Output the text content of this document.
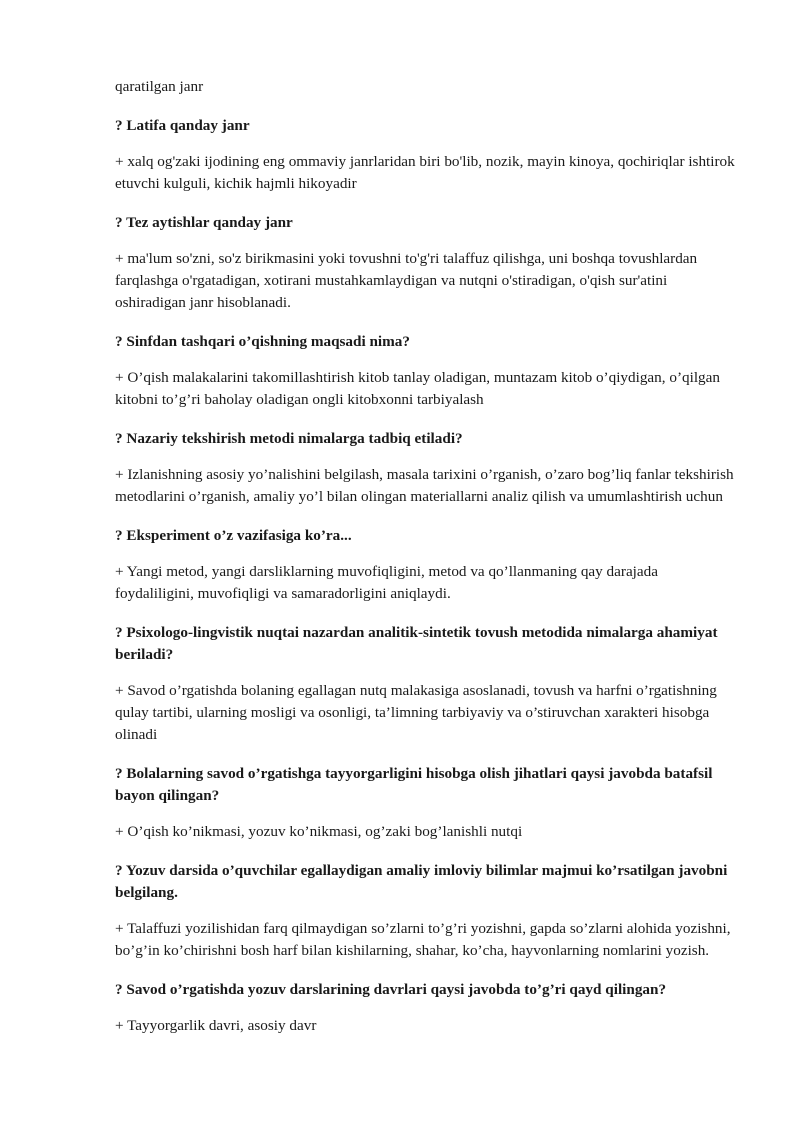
qaratilgan janr

? Latifa qanday janr

+ xalq og'zaki ijodining eng ommaviy janrlaridan biri bo'lib, nozik, mayin kinoya, qochiriqlar ishtirok etuvchi kulguli, kichik hajmli hikoyadir

? Tez aytishlar qanday janr

+ ma'lum so'zni, so'z birikmasini yoki tovushni to'g'ri talaffuz qilishga, uni boshqa tovushlardan farqlashga o'rgatadigan, xotirani mustahkamlaydigan va nutqni o'stiradigan, o'qish sur'atini oshiradigan janr hisoblanadi.

? Sinfdan tashqari o’qishning maqsadi nima?

+ O’qish malakalarini takomillashtirish kitob tanlay oladigan, muntazam kitob o’qiydigan, o’qilgan kitobni to’g’ri baholay oladigan ongli kitobxonni tarbiyalash

? Nazariy tekshirish metodi nimalarga tadbiq etiladi?

+ Izlanishning asosiy yo’nalishini belgilash, masala tarixini o’rganish, o’zaro bog’liq fanlar tekshirish metodlarini o’rganish, amaliy yo’l bilan olingan materiallarni analiz qilish va umumlashtirish uchun

? Eksperiment o’z vazifasiga ko’ra...

+ Yangi metod, yangi darsliklarning muvofiqligini, metod va qo’llanmaning qay darajada foydaliligini, muvofiqligi va samaradorligini aniqlaydi.

? Psixologo-lingvistik nuqtai nazardan analitik-sintetik tovush metodida nimalarga ahamiyat beriladi?

+ Savod o’rgatishda bolaning egallagan nutq malakasiga asoslanadi, tovush va harfni o’rgatishning qulay tartibi, ularning mosligi va osonligi, ta’limning tarbiyaviy va o’stiruvchan xarakteri hisobga olinadi

? Bolalarning savod o’rgatishga tayyorgarligini hisobga olish jihatlari qaysi javobda batafsil bayon qilingan?

+ O’qish ko’nikmasi, yozuv ko’nikmasi, og’zaki bog’lanishli nutqi

? Yozuv darsida o’quvchilar egallaydigan amaliy imloviy bilimlar majmui ko’rsatilgan javobni belgilang.

+ Talaffuzi yozilishidan farq qilmaydigan so’zlarni to’g’ri yozishni, gapda so’zlarni alohida yozishni, bo’g’in ko’chirishni bosh harf bilan kishilarning, shahar, ko’cha, hayvonlarning nomlarini yozish.

? Savod o’rgatishda yozuv darslarining davrlari qaysi javobda to’g’ri qayd qilingan?

+ Tayyorgarlik davri, asosiy davr
